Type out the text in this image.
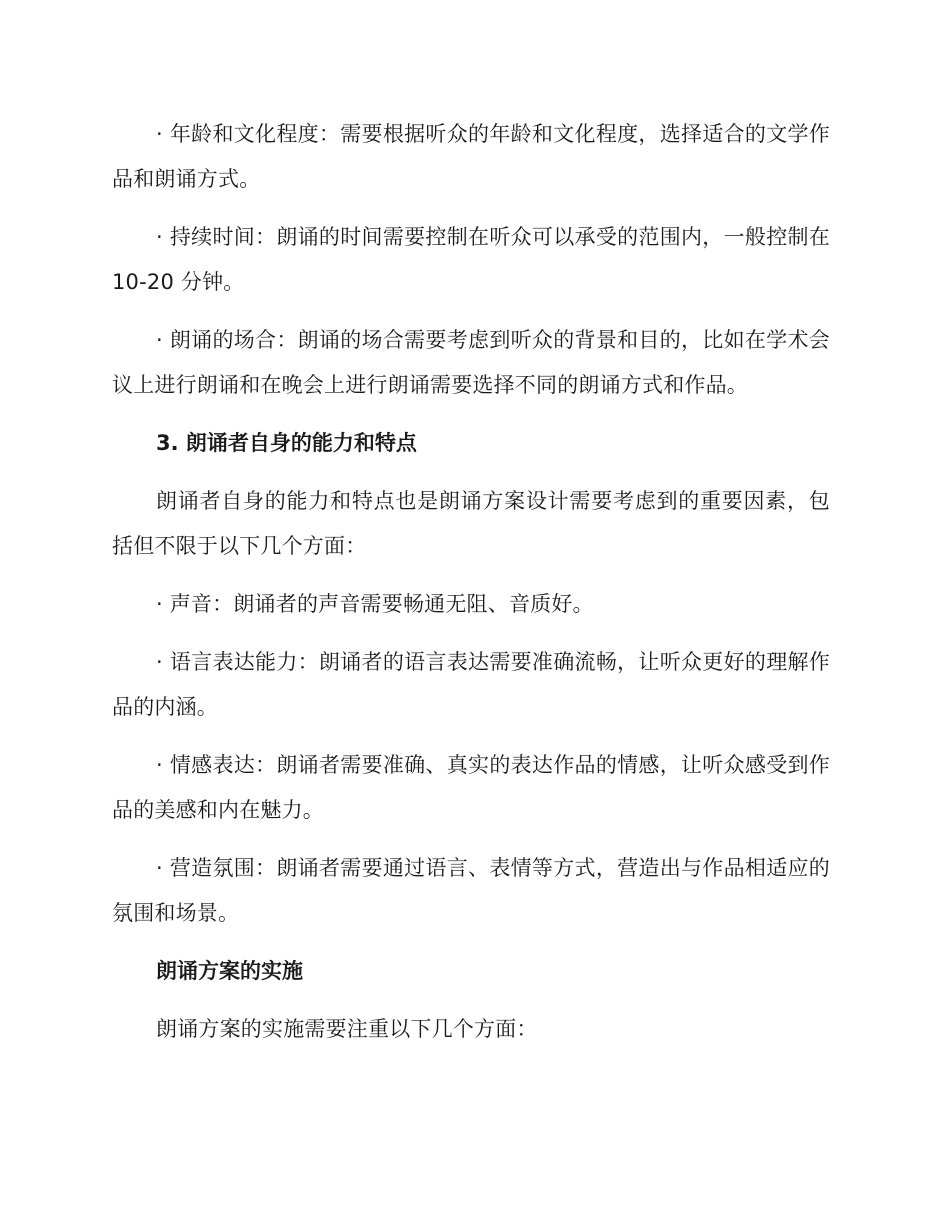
· 年龄和文化程度：需要根据听众的年龄和文化程度，选择适合的文学作品和朗诵方式。

· 持续时间：朗诵的时间需要控制在听众可以承受的范围内，一般控制在 10-20 分钟。

· 朗诵的场合：朗诵的场合需要考虑到听众的背景和目的，比如在学术会议上进行朗诵和在晚会上进行朗诵需要选择不同的朗诵方式和作品。

3. 朗诵者自身的能力和特点

朗诵者自身的能力和特点也是朗诵方案设计需要考虑到的重要因素，包括但不限于以下几个方面：

· 声音：朗诵者的声音需要畅通无阻、音质好。

· 语言表达能力：朗诵者的语言表达需要准确流畅，让听众更好的理解作品的内涵。

· 情感表达：朗诵者需要准确、真实的表达作品的情感，让听众感受到作品的美感和内在魅力。

· 营造氛围：朗诵者需要通过语言、表情等方式，营造出与作品相适应的氛围和场景。

朗诵方案的实施

朗诵方案的实施需要注重以下几个方面：
